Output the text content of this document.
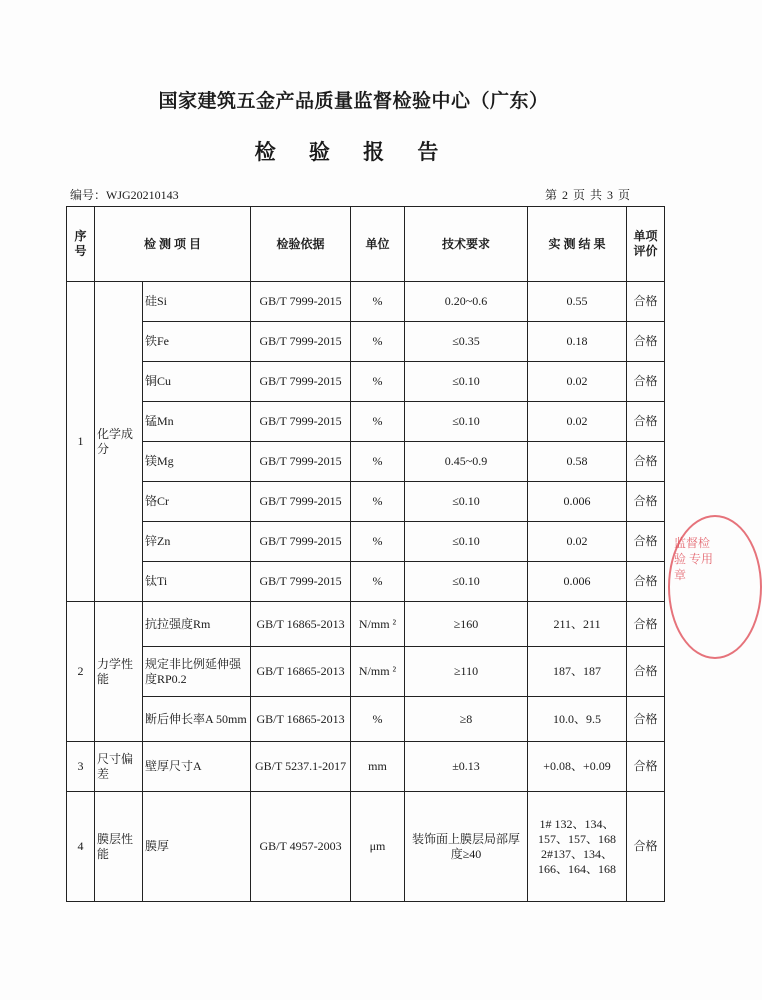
国家建筑五金产品质量监督检验中心（广东）
检 验 报 告
编号：WJG20210143	第 2 页 共 3 页
序号	检 测 项 目		检验依据	单位	技术要求	实 测 结 果	单项评价
1	化学成分	硅Si	GB/T 7999-2015	%	0.20~0.6	0.55	合格
		铁Fe	GB/T 7999-2015	%	≤0.35	0.18	合格
		铜Cu	GB/T 7999-2015	%	≤0.10	0.02	合格
		锰Mn	GB/T 7999-2015	%	≤0.10	0.02	合格
		镁Mg	GB/T 7999-2015	%	0.45~0.9	0.58	合格
		铬Cr	GB/T 7999-2015	%	≤0.10	0.006	合格
		锌Zn	GB/T 7999-2015	%	≤0.10	0.02	合格
		钛Ti	GB/T 7999-2015	%	≤0.10	0.006	合格
2	力学性能	抗拉强度Rm	GB/T 16865-2013	N/mm ²	≥160	211、211	合格
		规定非比例延伸强度RP0.2	GB/T 16865-2013	N/mm ²	≥110	187、187	合格
		断后伸长率A 50mm	GB/T 16865-2013	%	≥8	10.0、9.5	合格
3	尺寸偏差	壁厚尺寸A	GB/T 5237.1-2017	mm	±0.13	+0.08、+0.09	合格
4	膜层性能	膜厚	GB/T 4957-2003	μm	装饰面上膜层局部厚度≥40	1# 132、134、157、157、168 2#137、134、166、164、168	合格
监督检验 专用章
